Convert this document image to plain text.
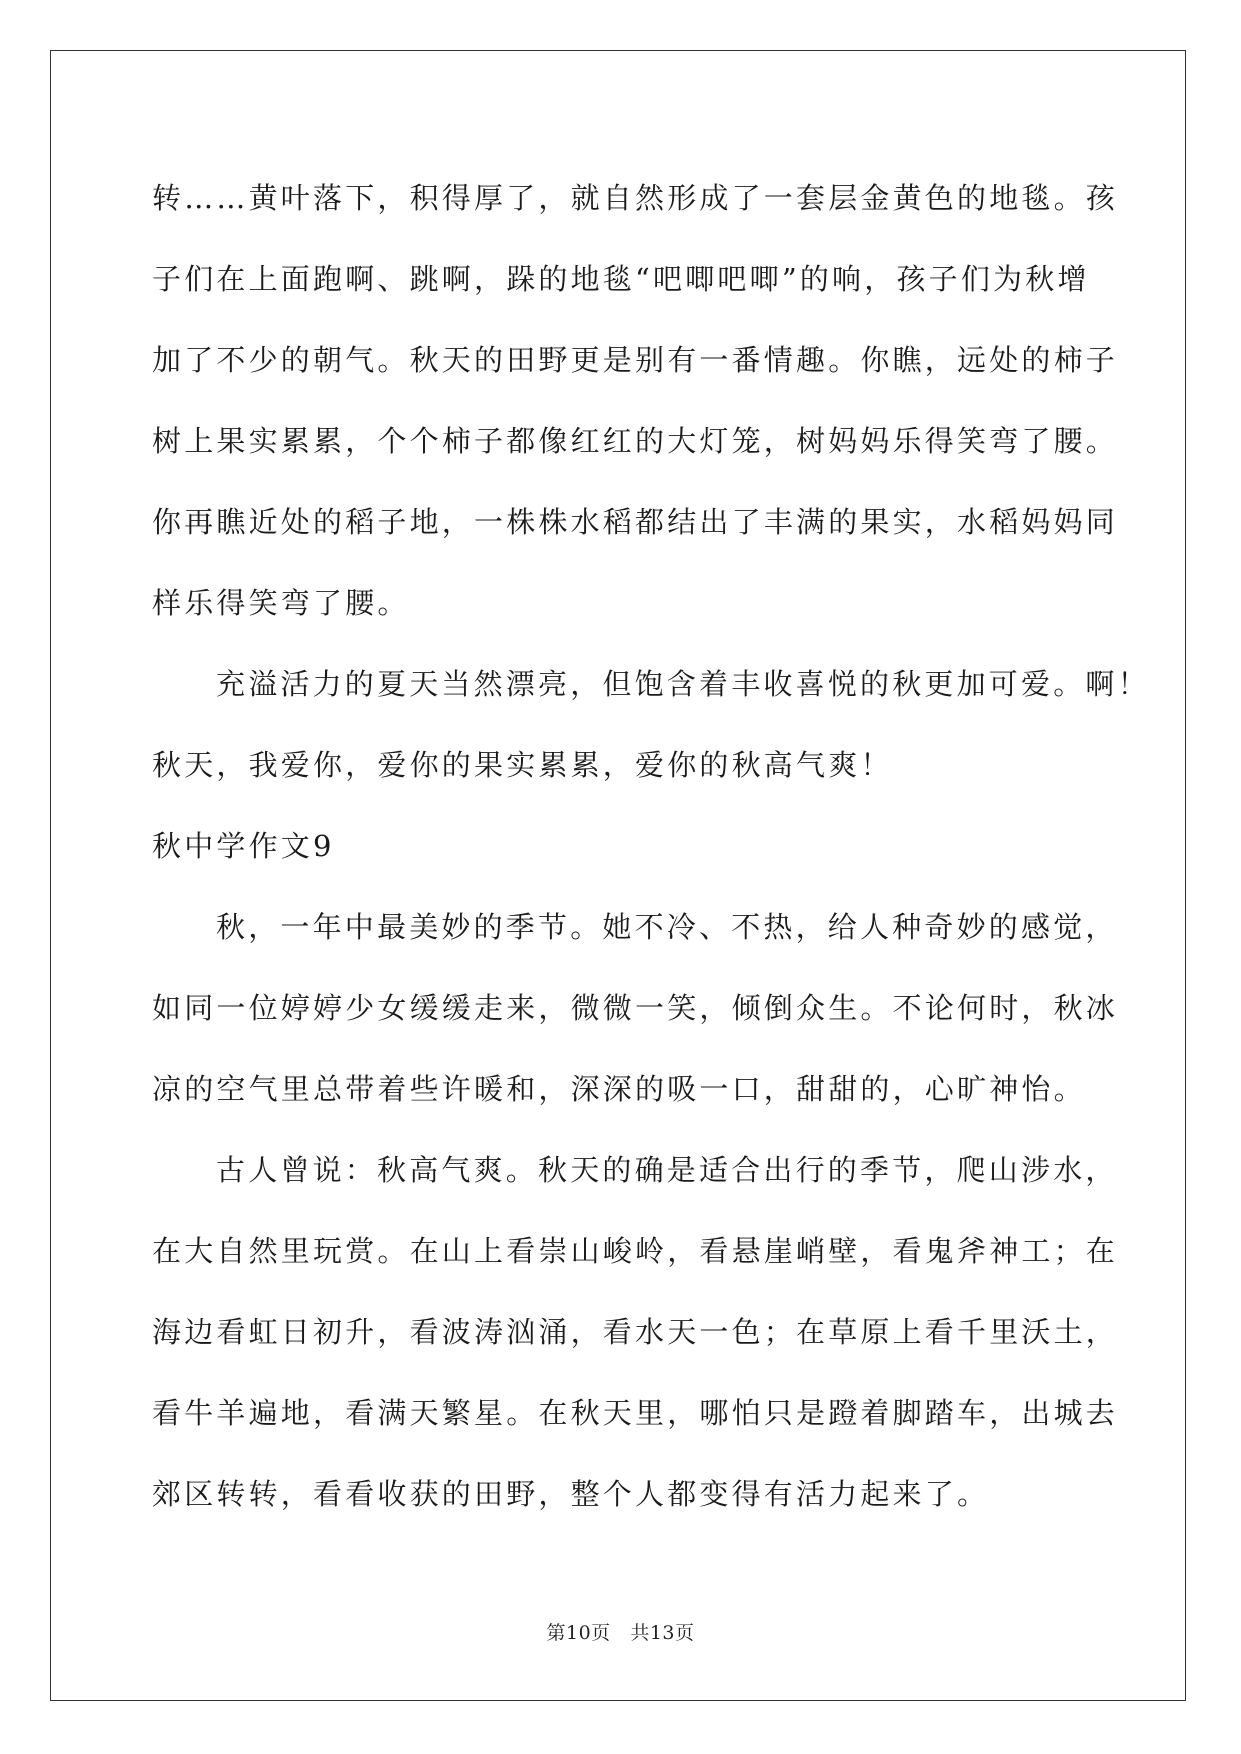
转……黄叶落下，积得厚了，就自然形成了一套层金黄色的地毯。孩
子们在上面跑啊、跳啊，跺的地毯“吧唧吧唧”的响，孩子们为秋增
加了不少的朝气。秋天的田野更是别有一番情趣。你瞧，远处的柿子
树上果实累累，个个柿子都像红红的大灯笼，树妈妈乐得笑弯了腰。
你再瞧近处的稻子地，一株株水稻都结出了丰满的果实，水稻妈妈同
样乐得笑弯了腰。
充溢活力的夏天当然漂亮，但饱含着丰收喜悦的秋更加可爱。啊！
秋天，我爱你，爱你的果实累累，爱你的秋高气爽！
秋中学作文9
秋，一年中最美妙的季节。她不冷、不热，给人种奇妙的感觉，
如同一位婷婷少女缓缓走来，微微一笑，倾倒众生。不论何时，秋冰
凉的空气里总带着些许暖和，深深的吸一口，甜甜的，心旷神怡。
古人曾说：秋高气爽。秋天的确是适合出行的季节，爬山涉水，
在大自然里玩赏。在山上看崇山峻岭，看悬崖峭壁，看鬼斧神工；在
海边看虹日初升，看波涛汹涌，看水天一色；在草原上看千里沃土，
看牛羊遍地，看满天繁星。在秋天里，哪怕只是蹬着脚踏车，出城去
郊区转转，看看收获的田野，整个人都变得有活力起来了。
第10页 共13页
